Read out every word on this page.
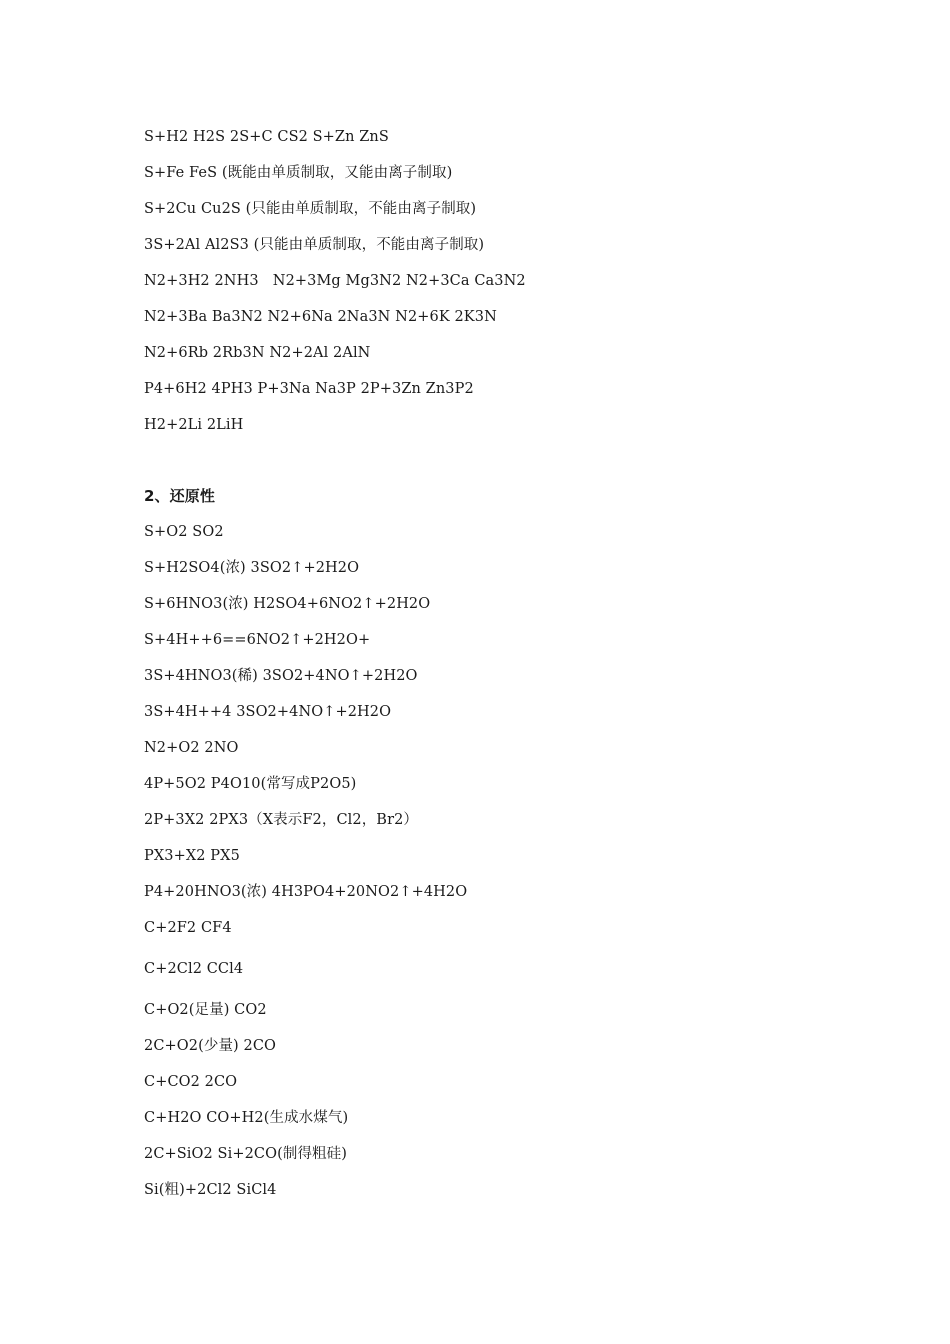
S+H2 H2S 2S+C CS2 S+Zn ZnS
S+Fe FeS (既能由单质制取，又能由离子制取)
S+2Cu Cu2S (只能由单质制取，不能由离子制取)
3S+2Al Al2S3 (只能由单质制取，不能由离子制取)
N2+3H2 2NH3   N2+3Mg Mg3N2 N2+3Ca Ca3N2
N2+3Ba Ba3N2 N2+6Na 2Na3N N2+6K 2K3N
N2+6Rb 2Rb3N N2+2Al 2AlN
P4+6H2 4PH3 P+3Na Na3P 2P+3Zn Zn3P2
H2+2Li 2LiH
2、还原性
S+O2 SO2
S+H2SO4(浓) 3SO2↑+2H2O
S+6HNO3(浓) H2SO4+6NO2↑+2H2O
S+4H++6==6NO2↑+2H2O+
3S+4HNO3(稀) 3SO2+4NO↑+2H2O
3S+4H++4 3SO2+4NO↑+2H2O
N2+O2 2NO
4P+5O2 P4O10(常写成P2O5)
2P+3X2 2PX3（X表示F2，Cl2，Br2）
PX3+X2 PX5
P4+20HNO3(浓) 4H3PO4+20NO2↑+4H2O
C+2F2 CF4
C+2Cl2 CCl4
C+O2(足量) CO2
2C+O2(少量) 2CO
C+CO2 2CO
C+H2O CO+H2(生成水煤气)
2C+SiO2 Si+2CO(制得粗硅)
Si(粗)+2Cl2 SiCl4
